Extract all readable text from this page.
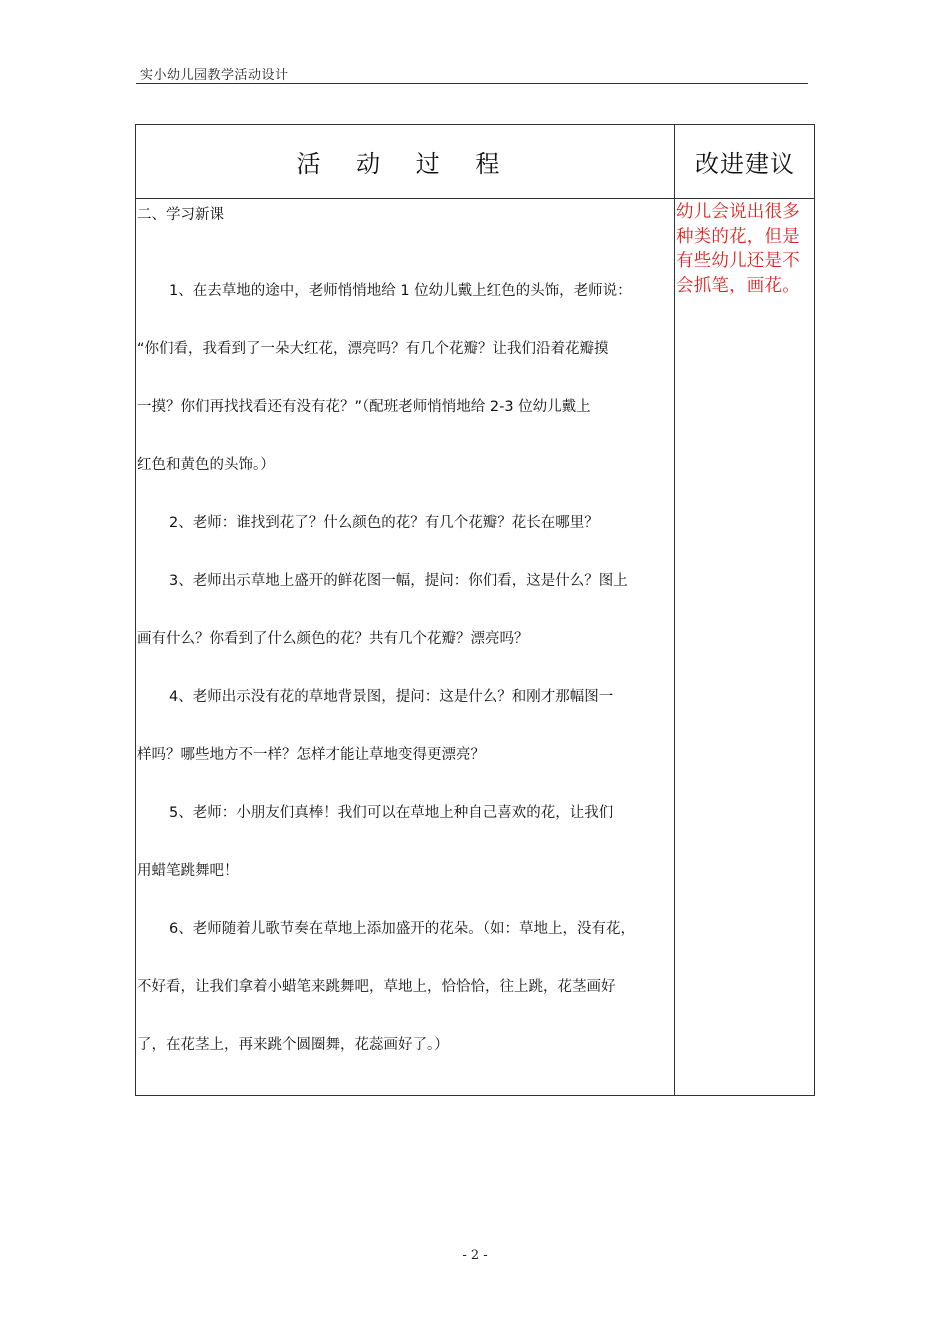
实小幼儿园教学活动设计
活 动 过 程	改进建议

二、学习新课

1、在去草地的途中，老师悄悄地给 1 位幼儿戴上红色的头饰，老师说：
“你们看，我看到了一朵大红花，漂亮吗？有几个花瓣？让我们沿着花瓣摸
一摸？你们再找找看还有没有花？”（配班老师悄悄地给 2-3 位幼儿戴上
红色和黄色的头饰。）

2、老师：谁找到花了？什么颜色的花？有几个花瓣？花长在哪里？

3、老师出示草地上盛开的鲜花图一幅，提问：你们看，这是什么？图上
画有什么？你看到了什么颜色的花？共有几个花瓣？漂亮吗？

4、老师出示没有花的草地背景图，提问：这是什么？和刚才那幅图一
样吗？哪些地方不一样？怎样才能让草地变得更漂亮？

5、老师：小朋友们真棒！我们可以在草地上种自己喜欢的花，让我们
用蜡笔跳舞吧！

6、老师随着儿歌节奏在草地上添加盛开的花朵。（如：草地上，没有花，
不好看，让我们拿着小蜡笔来跳舞吧，草地上，恰恰恰，往上跳，花茎画好
了，在花茎上，再来跳个圆圈舞，花蕊画好了。）

幼儿会说出很多种类的花，但是有些幼儿还是不会抓笔，画花。
- 2 -
